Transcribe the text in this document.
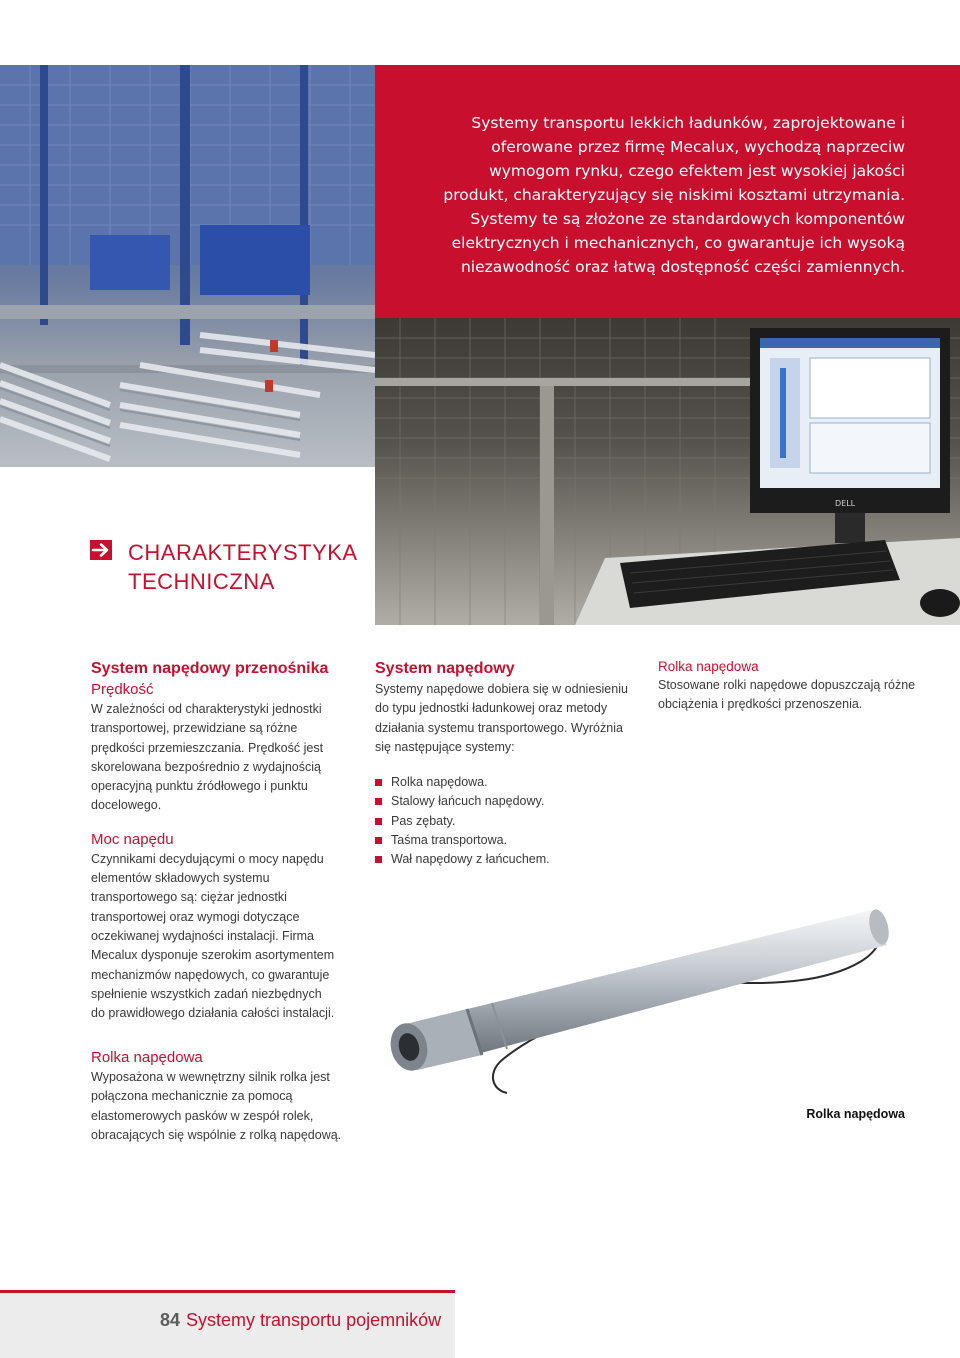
Systemy transportu lekkich ładunków, zaprojektowane i oferowane przez firmę Mecalux, wychodzą naprzeciw wymogom rynku, czego efektem jest wysokiej jakości produkt, charakteryzujący się niskimi kosztami utrzymania. Systemy te są złożone ze standardowych komponentów elektrycznych i mechanicznych, co gwarantuje ich wysoką niezawodność oraz łatwą dostępność części zamiennych.

DELL
CHARAKTERYSTYKA
TECHNICZNA
System napędowy przenośnika
Prędkość

W zależności od charakterystyki jednostki transportowej, przewidziane są różne prędkości przemieszczania. Prędkość jest skorelowana bezpośrednio z wydajnością operacyjną punktu źródłowego i punktu docelowego.

Moc napędu

Czynnikami decydującymi o mocy napędu elementów składowych systemu transportowego są: ciężar jednostki transportowej oraz wymogi dotyczące oczekiwanej wydajności instalacji. Firma Mecalux dysponuje szerokim asortymentem mechanizmów napędowych, co gwarantuje spełnienie wszystkich zadań niezbędnych do prawidłowego działania całości instalacji.

System napędowy

Systemy napędowe dobiera się w odniesieniu do typu jednostki ładunkowej oraz metody działania systemu transportowego. Wyróżnia się następujące systemy:

Rolka napędowa.
Stalowy łańcuch napędowy.
Pas zębaty.
Taśma transportowa.
Wał napędowy z łańcuchem.
Rolka napędowa

Stosowane rolki napędowe dopuszczają różne obciążenia i prędkości przenoszenia.

Rolka napędowa
Rolka napędowa

Wyposażona w wewnętrzny silnik rolka jest połączona mechanicznie za pomocą elastomerowych pasków w zespół rolek, obracających się wspólnie z rolką napędową.

84 Systemy transportu pojemników
